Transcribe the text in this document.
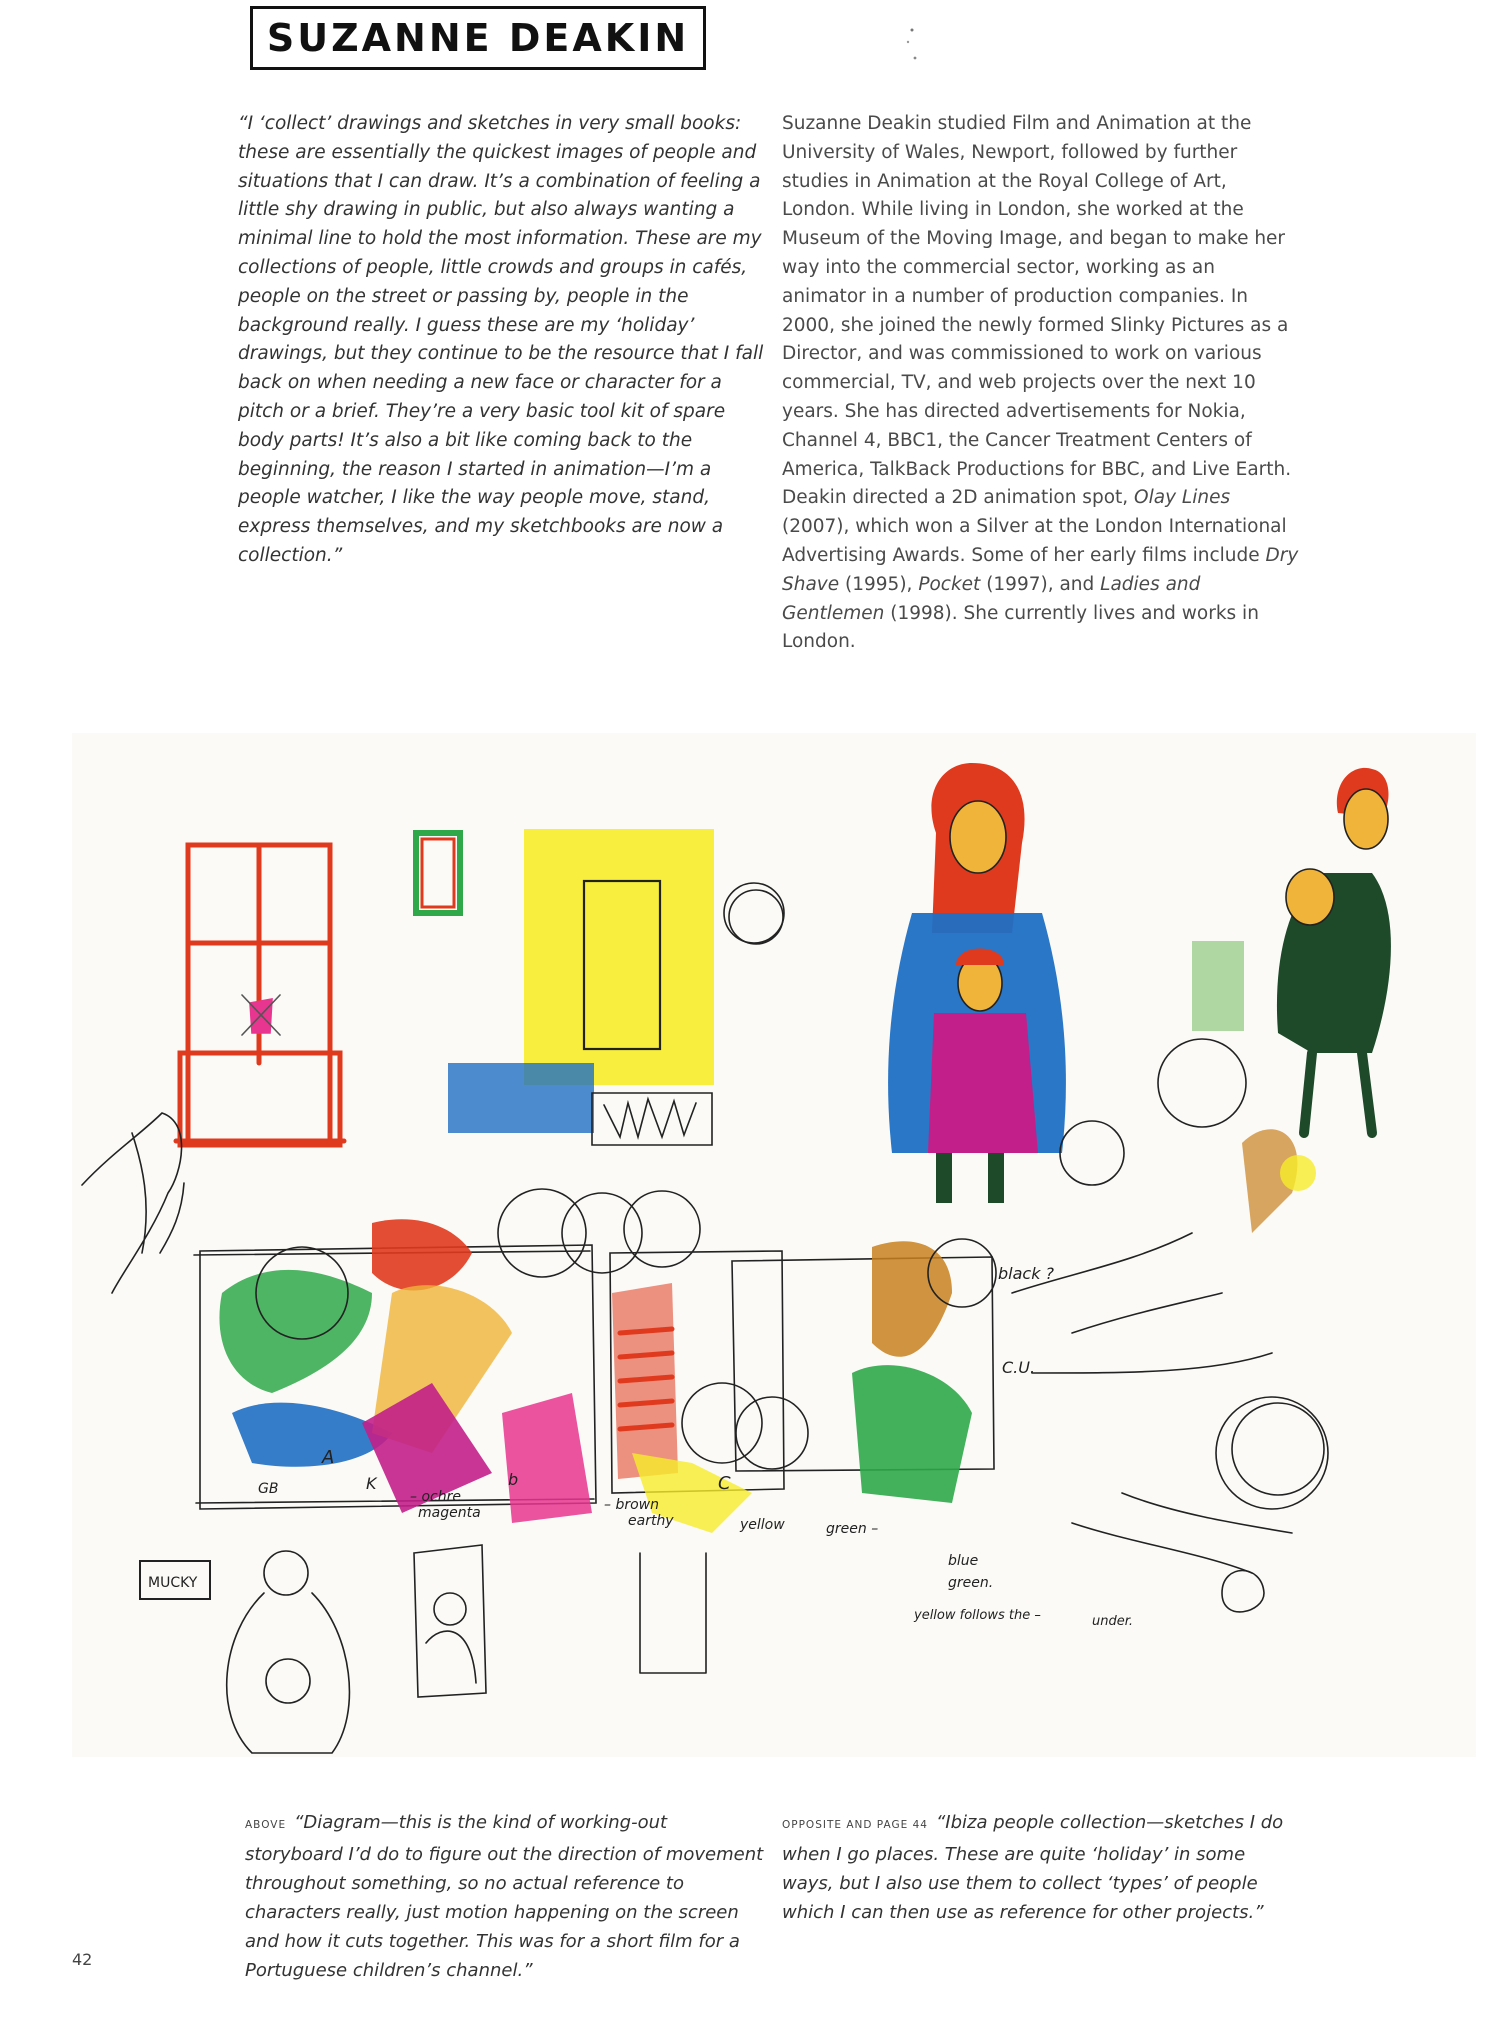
SUZANNE DEAKIN

“I ‘collect’ drawings and sketches in very small books: these are essentially the quickest images of people and situations that I can draw. It’s a combination of feeling a little shy drawing in public, but also always wanting a minimal line to hold the most information. These are my collections of people, little crowds and groups in cafés, people on the street or passing by, people in the background really. I guess these are my ‘holiday’ drawings, but they continue to be the resource that I fall back on when needing a new face or character for a pitch or a brief. They’re a very basic tool kit of spare body parts! It’s also a bit like coming back to the beginning, the reason I started in animation—I’m a people watcher, I like the way people move, stand, express themselves, and my sketchbooks are now a collection.”

Suzanne Deakin studied Film and Animation at the University of Wales, Newport, followed by further studies in Animation at the Royal College of Art, London. While living in London, she worked at the Museum of the Moving Image, and began to make her way into the commercial sector, working as an animator in a number of production companies. In 2000, she joined the newly formed Slinky Pictures as a Director, and was commissioned to work on various commercial, TV, and web projects over the next 10 years. She has directed advertisements for Nokia, Channel 4, BBC1, the Cancer Treatment Centers of America, TalkBack Productions for BBC, and Live Earth. Deakin directed a 2D animation spot, Olay Lines (2007), which won a Silver at the London International Advertising Awards. Some of her early films include Dry Shave (1995), Pocket (1997), and Ladies and Gentlemen (1998). She currently lives and works in London.

MUCKY
A
GB	K	b	C
C.U.
black ?
– ochre
magenta	– brown
earthy	yellow	green –
blue
green.
yellow follows the –	under.
ABOVE “Diagram—this is the kind of working-out storyboard I’d do to figure out the direction of movement throughout something, so no actual reference to characters really, just motion happening on the screen and how it cuts together. This was for a short film for a Portuguese children’s channel.”
OPPOSITE AND PAGE 44 “Ibiza people collection—sketches I do when I go places. These are quite ‘holiday’ in some ways, but I also use them to collect ‘types’ of people which I can then use as reference for other projects.”
42
